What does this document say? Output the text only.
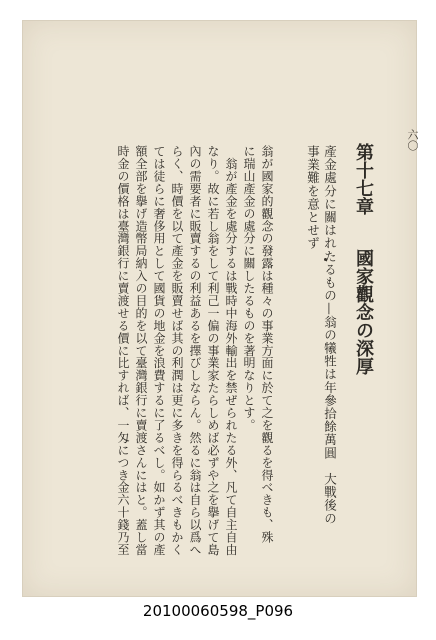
六〇
第十七章
國家觀念の深厚
產金處分に關はれたるもの—翁の犧牲は年參拾餘萬圓　大戰後の
事業難を意とせず
翁が國家的觀念の發露は種々の事業方面に於て之を觀るを得べきも、殊
に瑞山產金の處分に關したるものを著明なりとす。
　翁が產金を處分するは戰時中海外輸出を禁ぜられたる外、凡て自主自由
なり。故に若し翁をして利己一偏の事業家たらしめば必ずや之を擧げて島
內の需要者に販賣するの利益あるを擇びしならん。然るに翁は自ら以爲へ
らく、時價を以て產金を販賣せば其の利潤は更に多きを得らるべきもかく
ては徒らに奢侈用として國貨の地金を浪費するに了るべし。如かず其の產
額全部を擧げ造幣局納入の目的を以て臺灣銀行に賣渡さんにはと。蓋し當
時金の價格は臺灣銀行に賣渡せる價に比すれば、一匁につき金六十錢乃至
20100060598_P096
